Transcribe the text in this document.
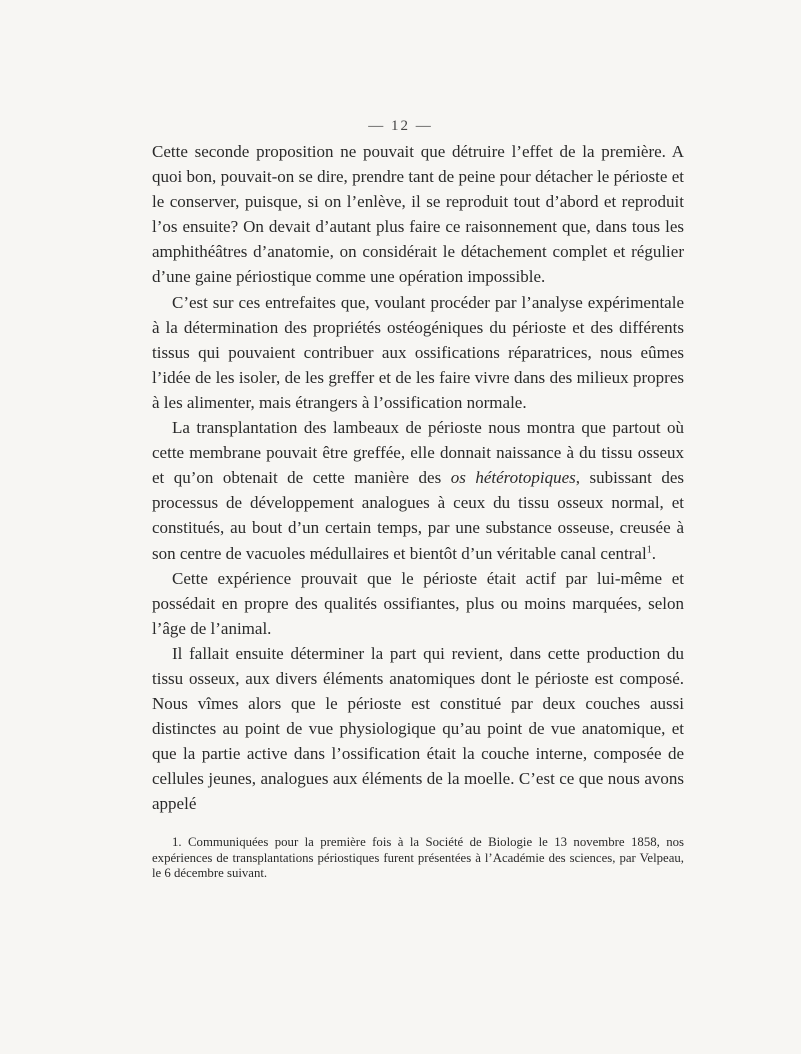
— 12 —

Cette seconde proposition ne pouvait que détruire l’effet de la première. A quoi bon, pouvait-on se dire, prendre tant de peine pour détacher le périoste et le conserver, puisque, si on l’enlève, il se reproduit tout d’abord et reproduit l’os ensuite? On devait d’autant plus faire ce raisonnement que, dans tous les amphithéâtres d’anatomie, on considérait le détachement complet et régulier d’une gaine périostique comme une opération impossible.

C’est sur ces entrefaites que, voulant procéder par l’analyse expérimentale à la détermination des propriétés ostéogéniques du périoste et des différents tissus qui pouvaient contribuer aux ossifications réparatrices, nous eûmes l’idée de les isoler, de les greffer et de les faire vivre dans des milieux propres à les alimenter, mais étrangers à l’ossification normale.

La transplantation des lambeaux de périoste nous montra que partout où cette membrane pouvait être greffée, elle donnait naissance à du tissu osseux et qu’on obtenait de cette manière des os hétérotopiques, subissant des processus de développement analogues à ceux du tissu osseux normal, et constitués, au bout d’un certain temps, par une substance osseuse, creusée à son centre de vacuoles médullaires et bientôt d’un véritable canal central$^1$.

Cette expérience prouvait que le périoste était actif par lui-même et possédait en propre des qualités ossifiantes, plus ou moins marquées, selon l’âge de l’animal.

Il fallait ensuite déterminer la part qui revient, dans cette production du tissu osseux, aux divers éléments anatomiques dont le périoste est composé. Nous vîmes alors que le périoste est constitué par deux couches aussi distinctes au point de vue physiologique qu’au point de vue anatomique, et que la partie active dans l’ossification était la couche interne, composée de cellules jeunes, analogues aux éléments de la moelle. C’est ce que nous avons appelé

1. Communiquées pour la première fois à la Société de Biologie le 13 novembre 1858, nos expériences de transplantations périostiques furent présentées à l’Académie des sciences, par Velpeau, le 6 décembre suivant.
